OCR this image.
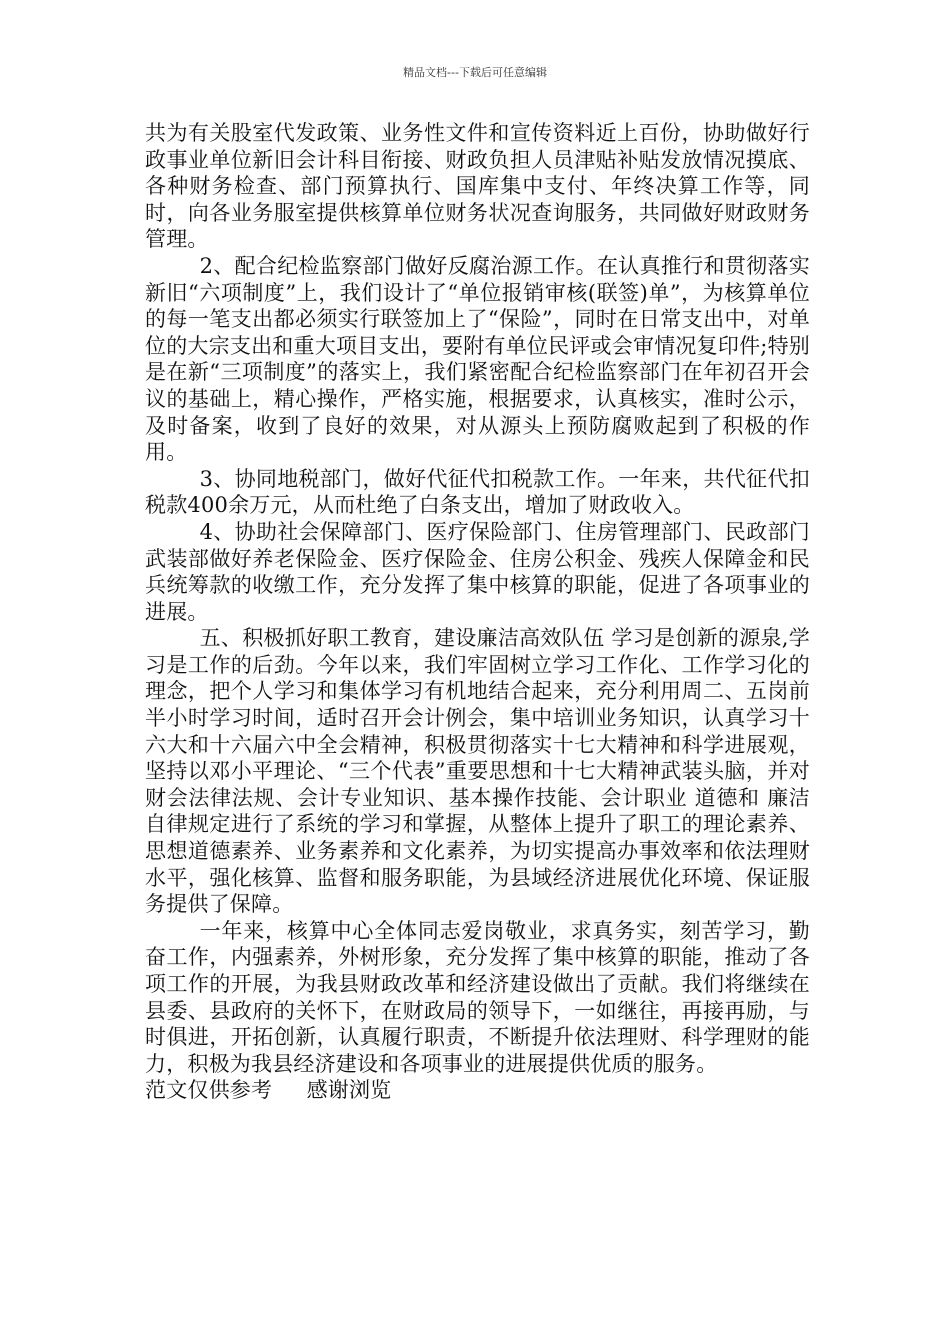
精品文档---下载后可任意编辑

共为有关股室代发政策、业务性文件和宣传资料近上百份，协助做好行政事业单位新旧会计科目衔接、财政负担人员津贴补贴发放情况摸底、各种财务检查、部门预算执行、国库集中支付、年终决算工作等，同时，向各业务服室提供核算单位财务状况查询服务，共同做好财政财务管理。

2、配合纪检监察部门做好反腐治源工作。在认真推行和贯彻落实新旧“六项制度”上，我们设计了“单位报销审核(联签)单”，为核算单位的每一笔支出都必须实行联签加上了“保险”，同时在日常支出中，对单位的大宗支出和重大项目支出，要附有单位民评或会审情况复印件;特别是在新“三项制度”的落实上，我们紧密配合纪检监察部门在年初召开会议的基础上，精心操作，严格实施，根据要求，认真核实，准时公示，及时备案，收到了良好的效果，对从源头上预防腐败起到了积极的作用。

3、协同地税部门，做好代征代扣税款工作。一年来，共代征代扣税款400余万元，从而杜绝了白条支出，增加了财政收入。

4、协助社会保障部门、医疗保险部门、住房管理部门、民政部门武装部做好养老保险金、医疗保险金、住房公积金、残疾人保障金和民兵统筹款的收缴工作，充分发挥了集中核算的职能，促进了各项事业的进展。

五、积极抓好职工教育，建设廉洁高效队伍 学习是创新的源泉,学习是工作的后劲。今年以来，我们牢固树立学习工作化、工作学习化的理念，把个人学习和集体学习有机地结合起来，充分利用周二、五岗前半小时学习时间，适时召开会计例会，集中培训业务知识，认真学习十六大和十六届六中全会精神，积极贯彻落实十七大精神和科学进展观，坚持以邓小平理论、“三个代表”重要思想和十七大精神武装头脑，并对财会法律法规、会计专业知识、基本操作技能、会计职业 道德和 廉洁自律规定进行了系统的学习和掌握，从整体上提升了职工的理论素养、思想道德素养、业务素养和文化素养，为切实提高办事效率和依法理财水平，强化核算、监督和服务职能，为县域经济进展优化环境、保证服务提供了保障。

一年来，核算中心全体同志爱岗敬业，求真务实，刻苦学习，勤奋工作，内强素养，外树形象，充分发挥了集中核算的职能，推动了各项工作的开展，为我县财政改革和经济建设做出了贡献。我们将继续在县委、县政府的关怀下，在财政局的领导下，一如继往，再接再励，与时俱进，开拓创新，认真履行职责，不断提升依法理财、科学理财的能力，积极为我县经济建设和各项事业的进展提供优质的服务。

范文仅供参考     感谢浏览
